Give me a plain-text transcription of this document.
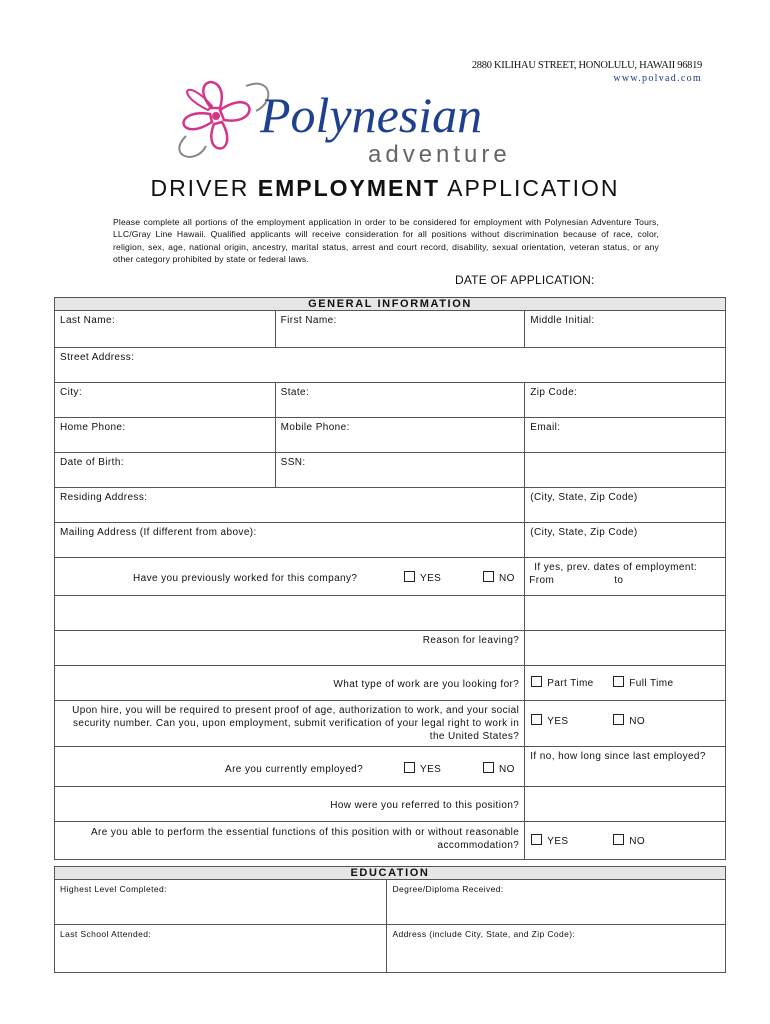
2880 KILIHAU STREET, HONOLULU, HAWAII 96819
www.polvad.com
Polynesian
adventure
DRIVER EMPLOYMENT APPLICATION
Please complete all portions of the employment application in order to be considered for employment with Polynesian Adventure Tours, LLC/Gray Line Hawaii. Qualified applicants will receive consideration for all positions without discrimination because of race, color, religion, sex, age, national origin, ancestry, marital status, arrest and court record, disability, sexual orientation, veteran status, or any other category prohibited by state or federal laws.
DATE OF APPLICATION:
GENERAL INFORMATION		
Last Name:	First Name:	Middle Initial:
Street Address:		
City:	State:	Zip Code:
Home Phone:	Mobile Phone:	Email:
Date of Birth:	SSN:	
Residing Address:		(City, State, Zip Code)
Mailing Address (If different from above):		(City, State, Zip Code)

Have you previously worked for this company? YES NO		If yes, prev. dates of employment:
From to

Reason for leaving?		

What type of work are you looking for?		Part Time Full Time

Upon hire, you will be required to present proof of age, authorization to work, and your social security number. Can you, upon employment, submit verification of your legal right to work in the United States?		YES NO

Are you currently employed? YES NO		If no, how long since last employed?

How were you referred to this position?		

Are you able to perform the essential functions of this position with or without reasonable accommodation?		YES NO
EDUCATION	
Highest Level Completed:	Degree/Diploma Received:
Last School Attended:	Address (include City, State, and Zip Code):
